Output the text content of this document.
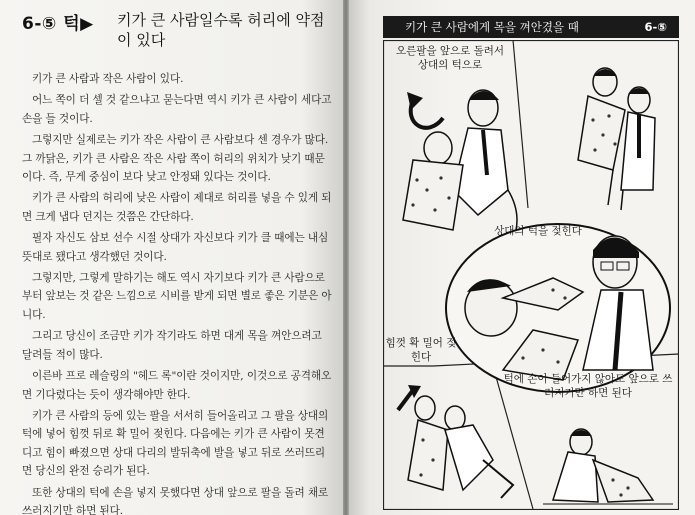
6-⑤ 턱▶ 키가 큰 사람일수록 허리에 약점이 있다

키가 큰 사람과 작은 사람이 있다.

어느 쪽이 더 셀 것 같으냐고 묻는다면 역시 키가 큰 사람이 세다고 손을 들 것이다.

그렇지만 실제로는 키가 작은 사람이 큰 사람보다 센 경우가 많다. 그 까닭은, 키가 큰 사람은 작은 사람 쪽이 허리의 위치가 낮기 때문이다. 즉, 무게 중심이 보다 낮고 안정돼 있다는 것이다.

키가 큰 사람의 허리에 낮은 사람이 제대로 허리를 넣을 수 있게 되면 크게 냅다 던지는 것쯤은 간단하다.

필자 자신도 삼보 선수 시절 상대가 자신보다 키가 클 때에는 내심 뜻대로 됐다고 생각했던 것이다.

그렇지만, 그렇게 말하기는 해도 역시 자기보다 키가 큰 사람으로부터 앞보는 것 같은 느낌으로 시비를 받게 되면 별로 좋은 기분은 아니다.

그리고 당신이 조금만 키가 작기라도 하면 대게 목을 껴안으려고 달려들 적이 많다.

이른바 프로 레슬링의 "헤드 록"이란 것이지만, 이것으로 공격해오면 기다렸다는 듯이 생각해야만 한다.

키가 큰 사람의 등에 있는 팔을 서서히 들어올리고 그 팔을 상대의 턱에 넣어 힘껏 뒤로 확 밀어 젖힌다. 다음에는 키가 큰 사람이 못견디고 힘이 빠졌으면 상대 다리의 발뒤축에 발을 넣고 뒤로 쓰러뜨리면 당신의 완전 승리가 된다.

또한 상대의 턱에 손을 넣지 못했다면 상대 앞으로 팔을 돌려 채로 쓰러지기만 하면 된다.

키가 큰 사람에게 목을 껴안겼을 때	6-⑤
오른팔을 앞으로 돌려서 상대의 턱으로
상대의 턱을 젖힌다
힘껏 확 밀어 젖힌다
턱에 손이 들어가지 않아도 앞으로 쓰러지기만 하면 된다
